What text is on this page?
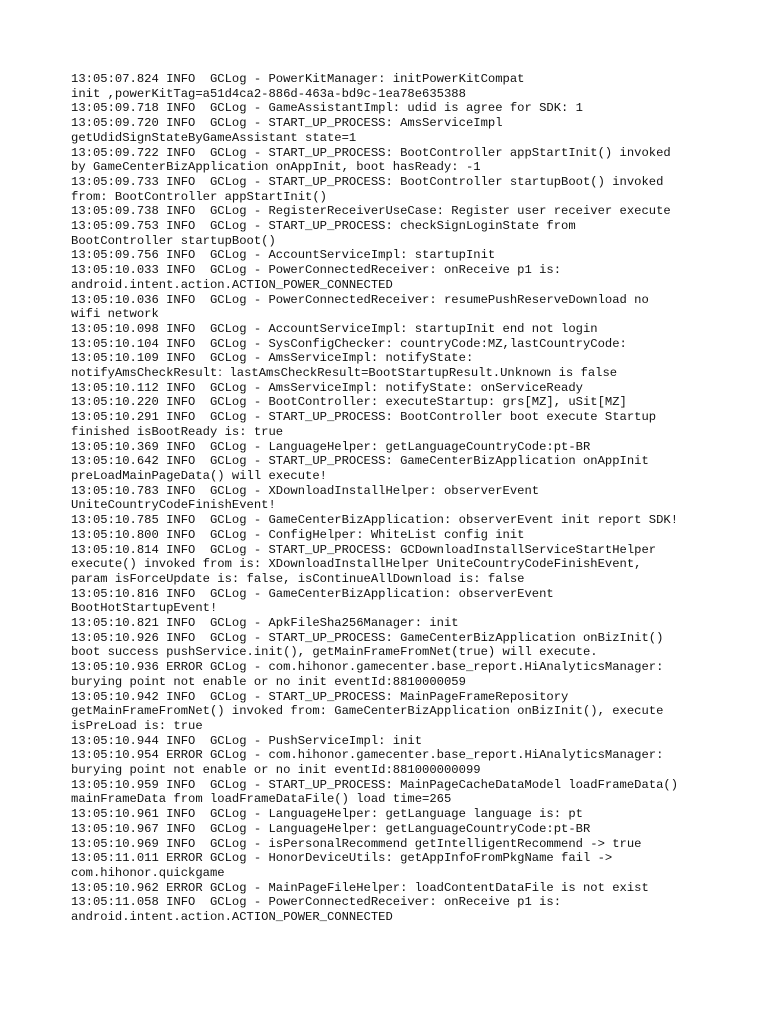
13:05:07.824 INFO  GCLog - PowerKitManager: initPowerKitCompat
init ,powerKitTag=a51d4ca2-886d-463a-bd9c-1ea78e635388
13:05:09.718 INFO  GCLog - GameAssistantImpl: udid is agree for SDK: 1
13:05:09.720 INFO  GCLog - START_UP_PROCESS: AmsServiceImpl
getUdidSignStateByGameAssistant state=1
13:05:09.722 INFO  GCLog - START_UP_PROCESS: BootController appStartInit() invoked
by GameCenterBizApplication onAppInit, boot hasReady: -1
13:05:09.733 INFO  GCLog - START_UP_PROCESS: BootController startupBoot() invoked
from: BootController appStartInit()
13:05:09.738 INFO  GCLog - RegisterReceiverUseCase: Register user receiver execute
13:05:09.753 INFO  GCLog - START_UP_PROCESS: checkSignLoginState from
BootController startupBoot()
13:05:09.756 INFO  GCLog - AccountServiceImpl: startupInit
13:05:10.033 INFO  GCLog - PowerConnectedReceiver: onReceive p1 is:
android.intent.action.ACTION_POWER_CONNECTED
13:05:10.036 INFO  GCLog - PowerConnectedReceiver: resumePushReserveDownload no
wifi network
13:05:10.098 INFO  GCLog - AccountServiceImpl: startupInit end not login
13:05:10.104 INFO  GCLog - SysConfigChecker: countryCode:MZ,lastCountryCode:
13:05:10.109 INFO  GCLog - AmsServiceImpl: notifyState:
notifyAmsCheckResult：lastAmsCheckResult=BootStartupResult.Unknown is false
13:05:10.112 INFO  GCLog - AmsServiceImpl: notifyState: onServiceReady
13:05:10.220 INFO  GCLog - BootController: executeStartup: grs[MZ], uSit[MZ]
13:05:10.291 INFO  GCLog - START_UP_PROCESS: BootController boot execute Startup
finished isBootReady is: true
13:05:10.369 INFO  GCLog - LanguageHelper: getLanguageCountryCode:pt-BR
13:05:10.642 INFO  GCLog - START_UP_PROCESS: GameCenterBizApplication onAppInit
preLoadMainPageData() will execute!
13:05:10.783 INFO  GCLog - XDownloadInstallHelper: observerEvent
UniteCountryCodeFinishEvent!
13:05:10.785 INFO  GCLog - GameCenterBizApplication: observerEvent init report SDK!
13:05:10.800 INFO  GCLog - ConfigHelper: WhiteList config init
13:05:10.814 INFO  GCLog - START_UP_PROCESS: GCDownloadInstallServiceStartHelper
execute() invoked from is: XDownloadInstallHelper UniteCountryCodeFinishEvent,
param isForceUpdate is: false, isContinueAllDownload is: false
13:05:10.816 INFO  GCLog - GameCenterBizApplication: observerEvent
BootHotStartupEvent!
13:05:10.821 INFO  GCLog - ApkFileSha256Manager: init
13:05:10.926 INFO  GCLog - START_UP_PROCESS: GameCenterBizApplication onBizInit()
boot success pushService.init(), getMainFrameFromNet(true) will execute.
13:05:10.936 ERROR GCLog - com.hihonor.gamecenter.base_report.HiAnalyticsManager:
burying point not enable or no init eventId:8810000059
13:05:10.942 INFO  GCLog - START_UP_PROCESS: MainPageFrameRepository
getMainFrameFromNet() invoked from: GameCenterBizApplication onBizInit(), execute
isPreLoad is: true
13:05:10.944 INFO  GCLog - PushServiceImpl: init
13:05:10.954 ERROR GCLog - com.hihonor.gamecenter.base_report.HiAnalyticsManager:
burying point not enable or no init eventId:881000000099
13:05:10.959 INFO  GCLog - START_UP_PROCESS: MainPageCacheDataModel loadFrameData()
mainFrameData from loadFrameDataFile() load time=265
13:05:10.961 INFO  GCLog - LanguageHelper: getLanguage language is: pt
13:05:10.967 INFO  GCLog - LanguageHelper: getLanguageCountryCode:pt-BR
13:05:10.969 INFO  GCLog - isPersonalRecommend getIntelligentRecommend -> true
13:05:11.011 ERROR GCLog - HonorDeviceUtils: getAppInfoFromPkgName fail ->
com.hihonor.quickgame
13:05:10.962 ERROR GCLog - MainPageFileHelper: loadContentDataFile is not exist
13:05:11.058 INFO  GCLog - PowerConnectedReceiver: onReceive p1 is:
android.intent.action.ACTION_POWER_CONNECTED
